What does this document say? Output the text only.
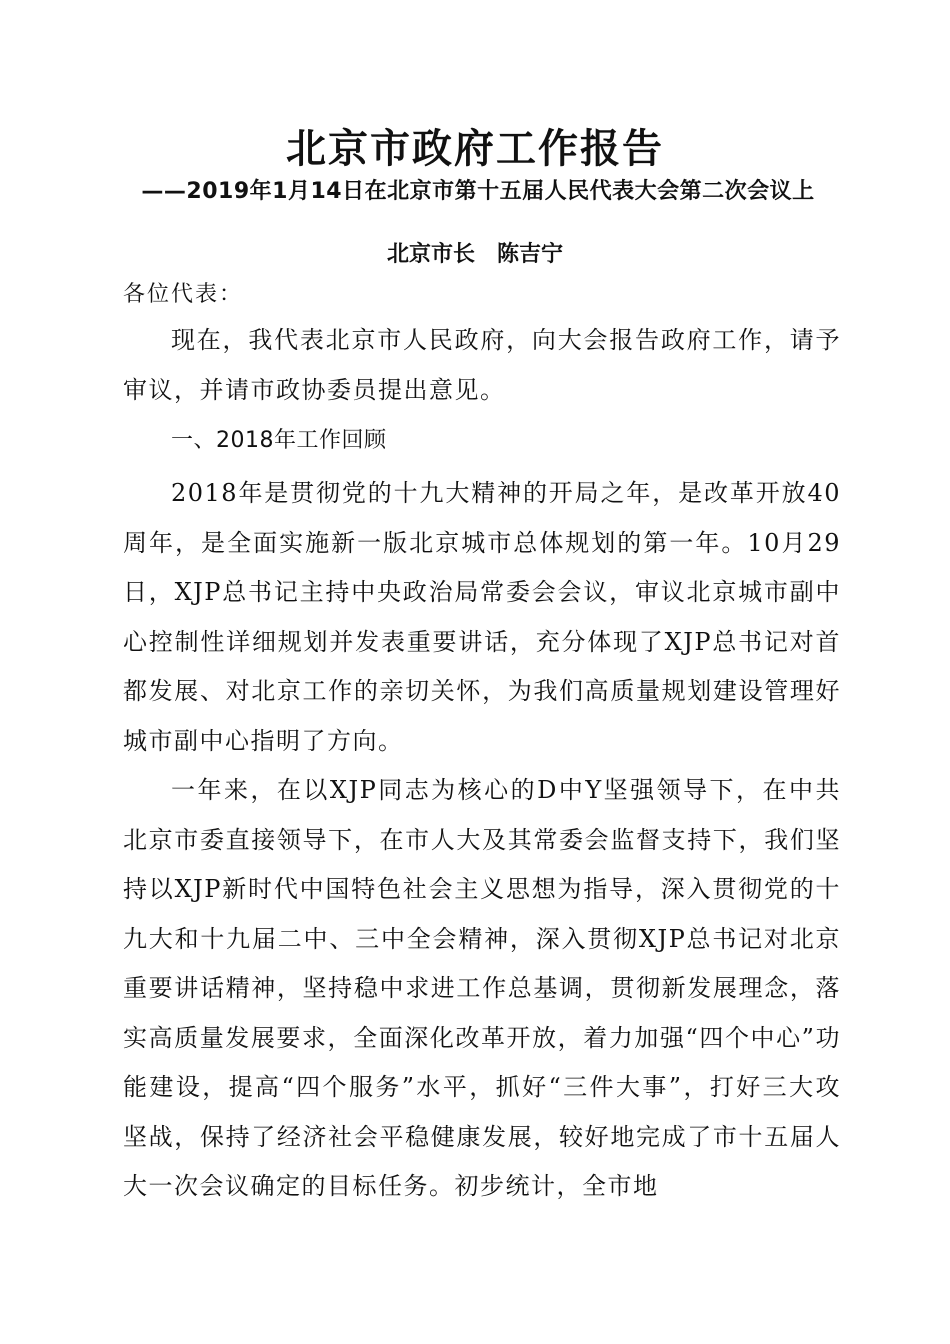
北京市政府工作报告
——2019年1月14日在北京市第十五届人民代表大会第二次会议上
北京市长　陈吉宁
各位代表：
现在，我代表北京市人民政府，向大会报告政府工作，请予审议，并请市政协委员提出意见。
一、2018年工作回顾
2018年是贯彻党的十九大精神的开局之年，是改革开放40周年，是全面实施新一版北京城市总体规划的第一年。10月29日，XJP总书记主持中央政治局常委会会议，审议北京城市副中心控制性详细规划并发表重要讲话，充分体现了XJP总书记对首都发展、对北京工作的亲切关怀，为我们高质量规划建设管理好城市副中心指明了方向。
一年来，在以XJP同志为核心的D中Y坚强领导下，在中共北京市委直接领导下，在市人大及其常委会监督支持下，我们坚持以XJP新时代中国特色社会主义思想为指导，深入贯彻党的十九大和十九届二中、三中全会精神，深入贯彻XJP总书记对北京重要讲话精神，坚持稳中求进工作总基调，贯彻新发展理念，落实高质量发展要求，全面深化改革开放，着力加强“四个中心”功能建设，提高“四个服务”水平，抓好“三件大事”，打好三大攻坚战，保持了经济社会平稳健康发展，较好地完成了市十五届人大一次会议确定的目标任务。初步统计，全市地
